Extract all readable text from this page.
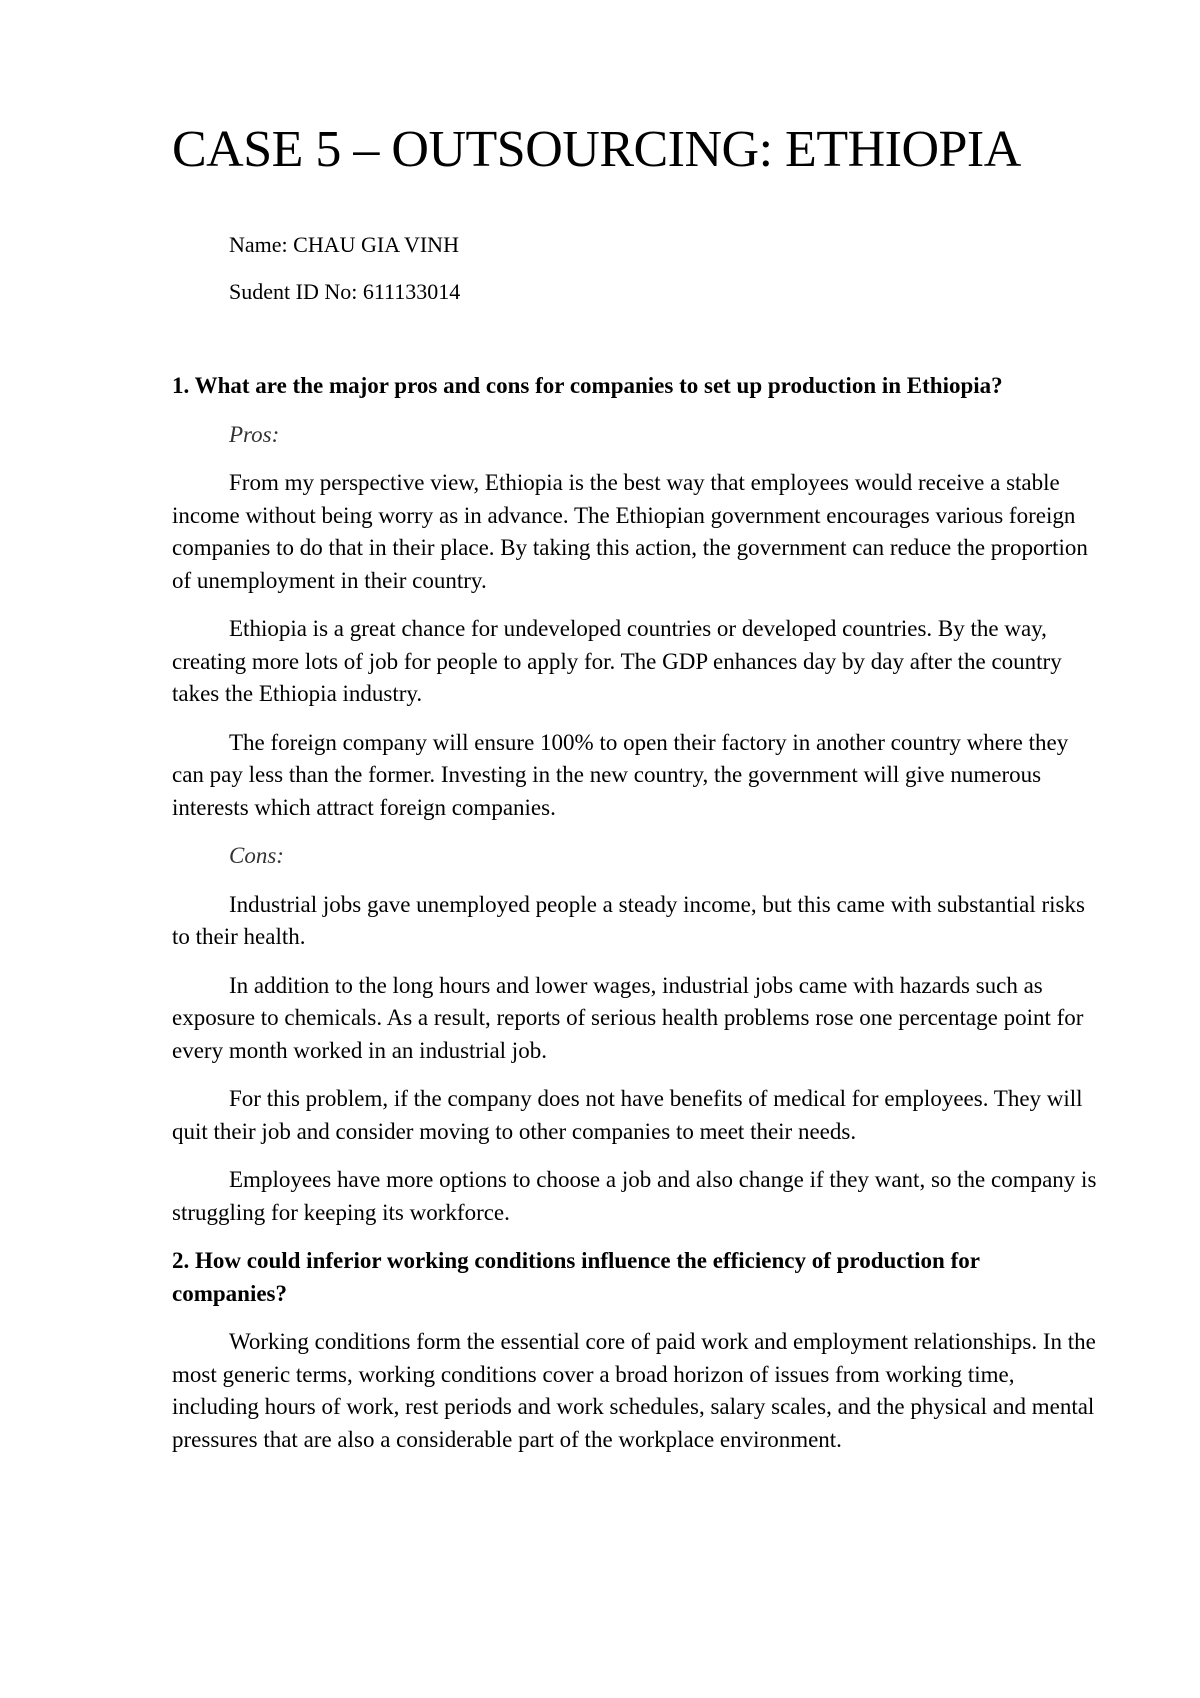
CASE 5 – OUTSOURCING: ETHIOPIA
Name: CHAU GIA VINH
Sudent ID No: 611133014

1. What are the major pros and cons for companies to set up production in Ethiopia?

Pros:

From my perspective view, Ethiopia is the best way that employees would receive a stable income without being worry as in advance. The Ethiopian government encourages various foreign companies to do that in their place. By taking this action, the government can reduce the proportion of unemployment in their country.

Ethiopia is a great chance for undeveloped countries or developed countries. By the way, creating more lots of job for people to apply for. The GDP enhances day by day after the country takes the Ethiopia industry.

The foreign company will ensure 100% to open their factory in another country where they can pay less than the former. Investing in the new country, the government will give numerous interests which attract foreign companies.

Cons:

Industrial jobs gave unemployed people a steady income, but this came with substantial risks to their health.

In addition to the long hours and lower wages, industrial jobs came with hazards such as exposure to chemicals. As a result, reports of serious health problems rose one percentage point for every month worked in an industrial job.

For this problem, if the company does not have benefits of medical for employees. They will quit their job and consider moving to other companies to meet their needs.

Employees have more options to choose a job and also change if they want, so the company is struggling for keeping its workforce.

2. How could inferior working conditions influence the efficiency of production for companies?

Working conditions form the essential core of paid work and employment relationships. In the most generic terms, working conditions cover a broad horizon of issues from working time, including hours of work, rest periods and work schedules, salary scales, and the physical and mental pressures that are also a considerable part of the workplace environment.
